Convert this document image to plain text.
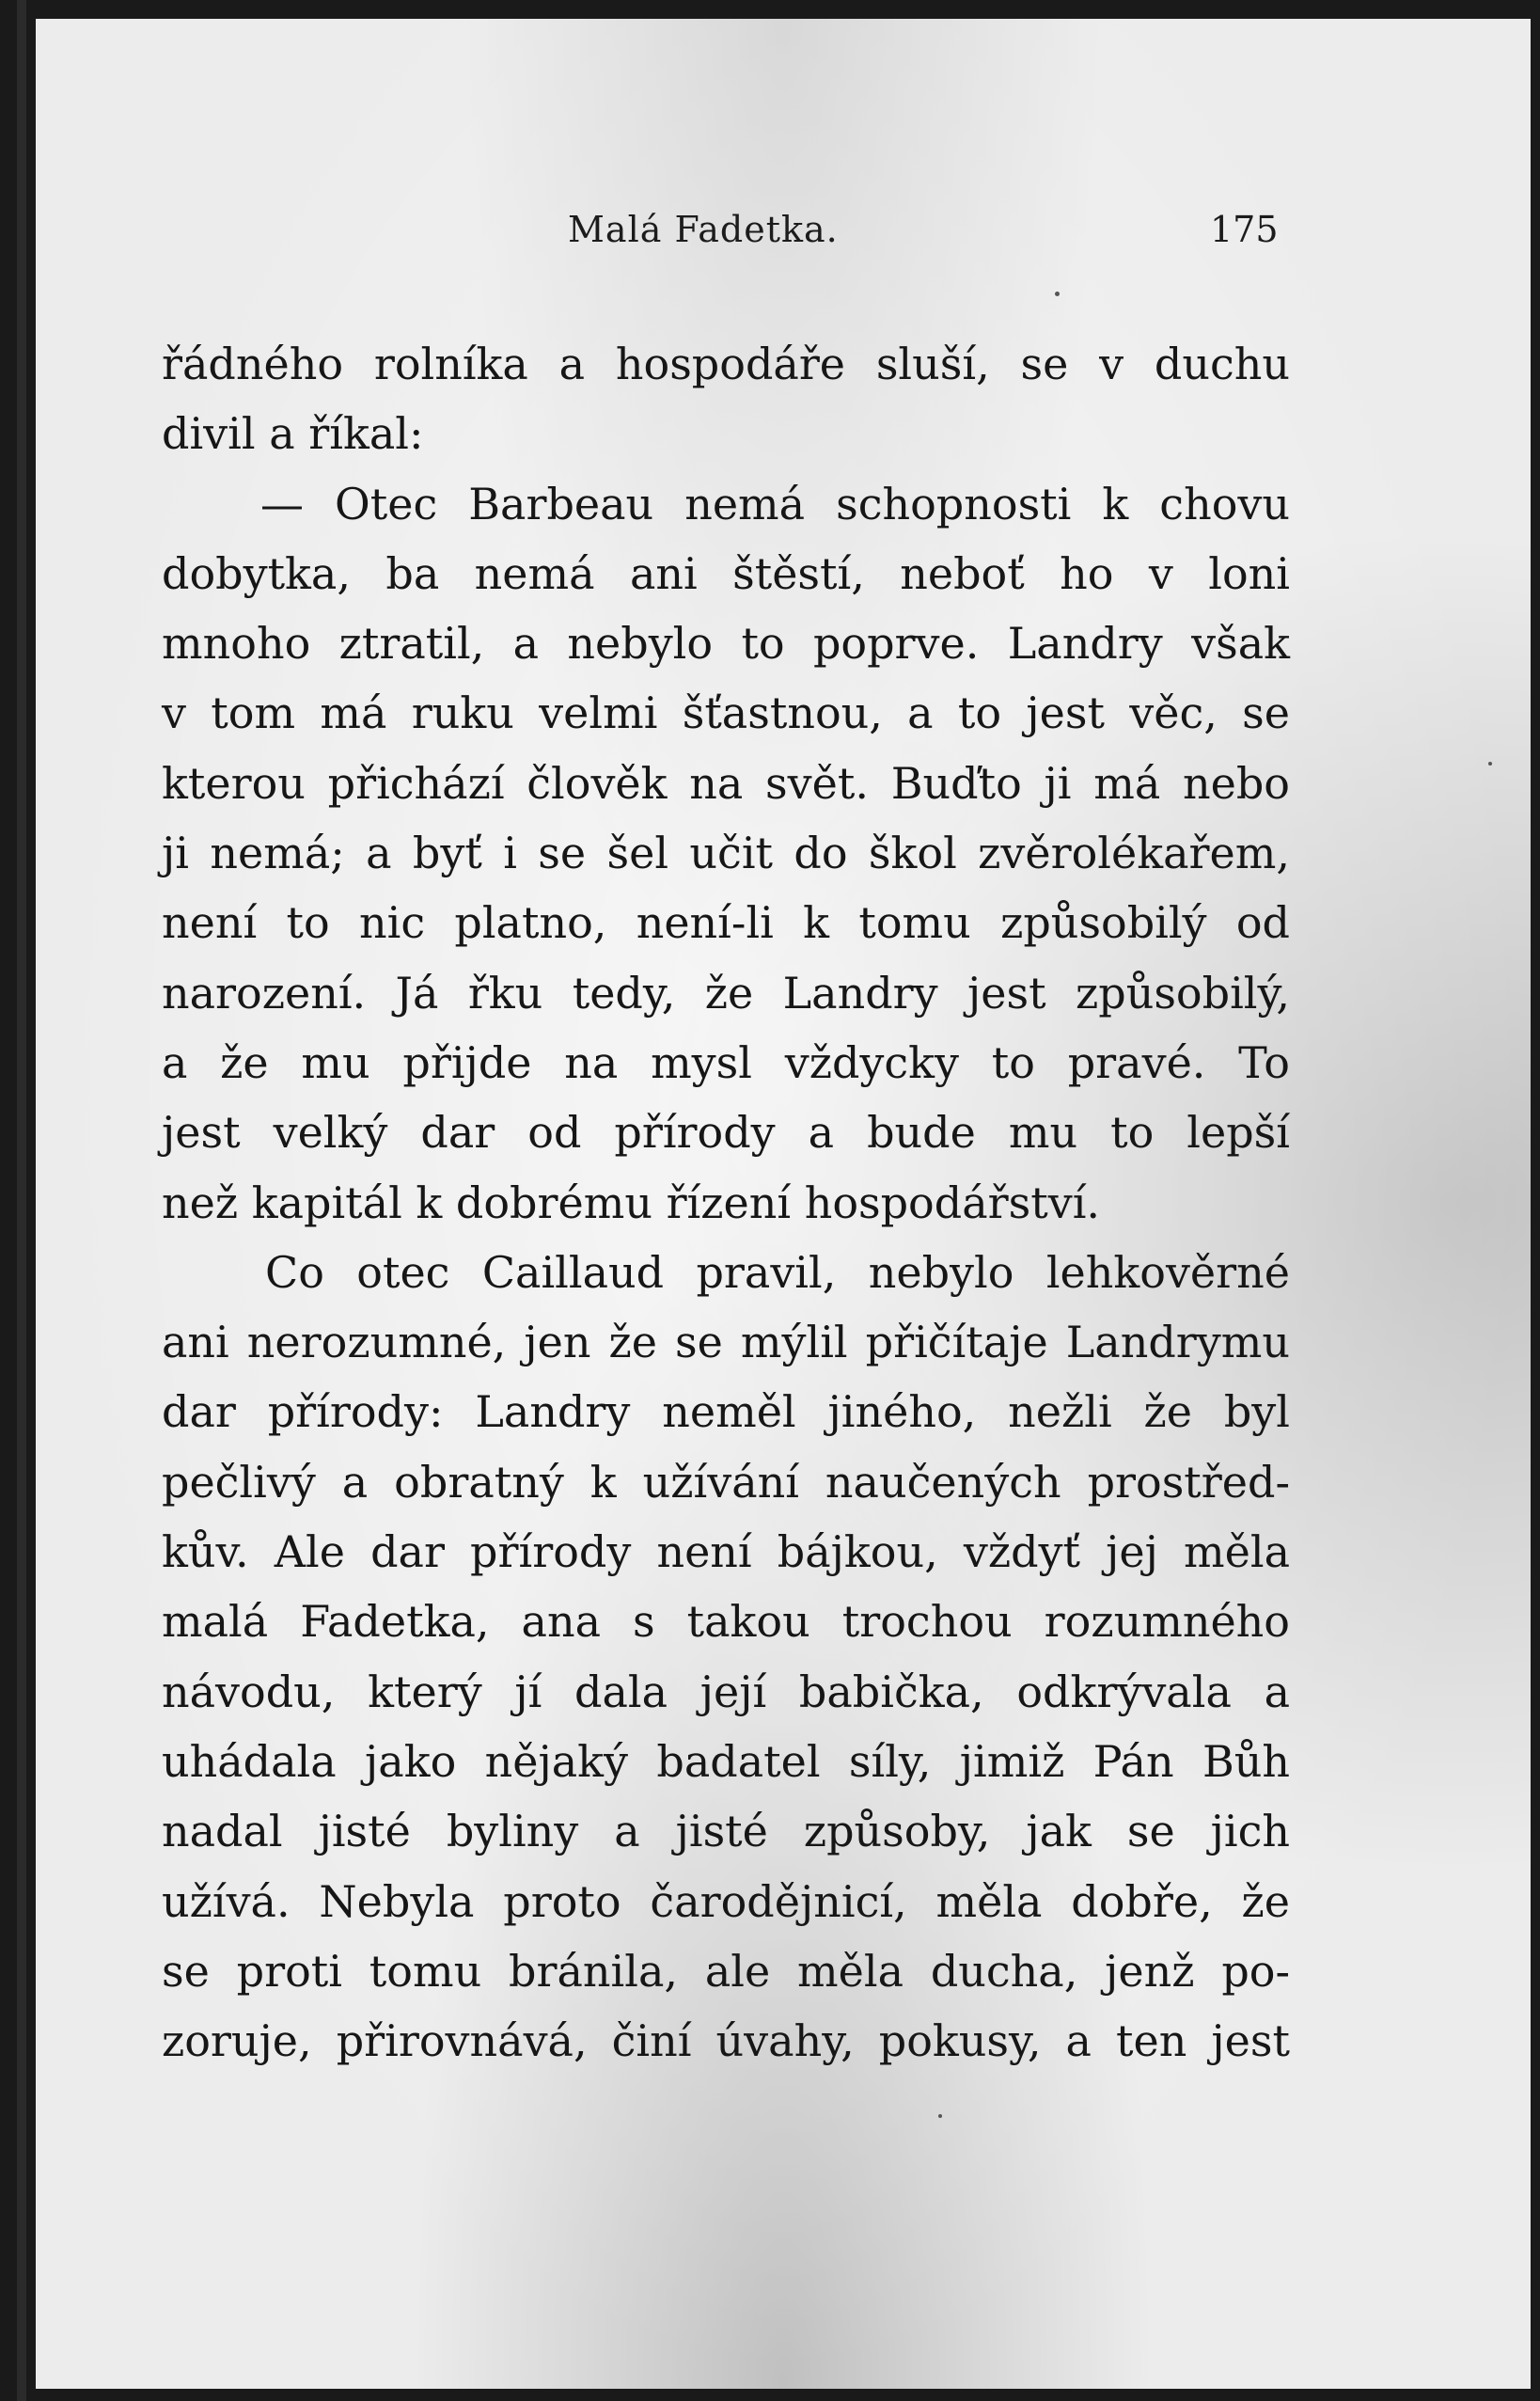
Malá Fadetka.	175
řádného rolníka a hospodáře sluší, se v duchu
divil a říkal:
— Otec Barbeau nemá schopnosti k chovu
dobytka, ba nemá ani štěstí, neboť ho v loni
mnoho ztratil, a nebylo to poprve. Landry však
v tom má ruku velmi šťastnou, a to jest věc, se
kterou přichází člověk na svět. Buďto ji má nebo
ji nemá; a byť i se šel učit do škol zvěrolékařem,
není to nic platno, není-li k tomu způsobilý od
narození. Já řku tedy, že Landry jest způsobilý,
a že mu přijde na mysl vždycky to pravé. To
jest velký dar od přírody a bude mu to lepší
než kapitál k dobrému řízení hospodářství.
Co otec Caillaud pravil, nebylo lehkověrné
ani nerozumné, jen že se mýlil přičítaje Landrymu
dar přírody: Landry neměl jiného, nežli že byl
pečlivý a obratný k užívání naučených prostřed-
kův. Ale dar přírody není bájkou, vždyť jej měla
malá Fadetka, ana s takou trochou rozumného
návodu, který jí dala její babička, odkrývala a
uhádala jako nějaký badatel síly, jimiž Pán Bůh
nadal jisté byliny a jisté způsoby, jak se jich
užívá. Nebyla proto čarodějnicí, měla dobře, že
se proti tomu bránila, ale měla ducha, jenž po-
zoruje, přirovnává, činí úvahy, pokusy, a ten jest
